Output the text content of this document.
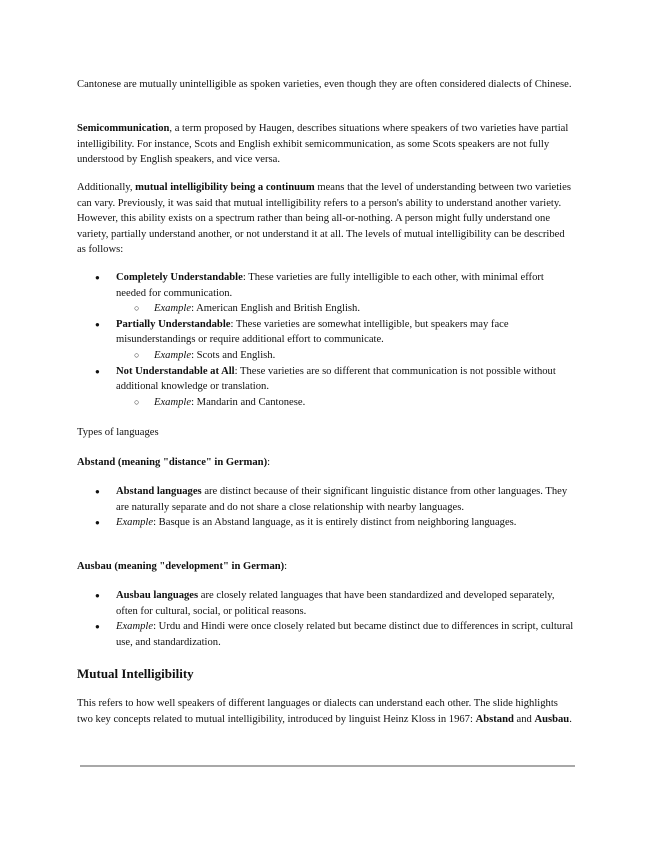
Cantonese are mutually unintelligible as spoken varieties, even though they are often considered dialects of Chinese.

Semicommunication, a term proposed by Haugen, describes situations where speakers of two varieties have partial intelligibility. For instance, Scots and English exhibit semicommunication, as some Scots speakers are not fully understood by English speakers, and vice versa.

Additionally, mutual intelligibility being a continuum means that the level of understanding between two varieties can vary. Previously, it was said that mutual intelligibility refers to a person's ability to understand another variety. However, this ability exists on a spectrum rather than being all-or-nothing. A person might fully understand one variety, partially understand another, or not understand it at all. The levels of mutual intelligibility can be described as follows:

● Completely Understandable: These varieties are fully intelligible to each other, with minimal effort needed for communication.
○ Example: American English and British English.
● Partially Understandable: These varieties are somewhat intelligible, but speakers may face misunderstandings or require additional effort to communicate.
○ Example: Scots and English.
● Not Understandable at All: These varieties are so different that communication is not possible without additional knowledge or translation.
○ Example: Mandarin and Cantonese.

Types of languages

Abstand (meaning "distance" in German):

● Abstand languages are distinct because of their significant linguistic distance from other languages. They are naturally separate and do not share a close relationship with nearby languages.
● Example: Basque is an Abstand language, as it is entirely distinct from neighboring languages.

Ausbau (meaning "development" in German):

● Ausbau languages are closely related languages that have been standardized and developed separately, often for cultural, social, or political reasons.
● Example: Urdu and Hindi were once closely related but became distinct due to differences in script, cultural use, and standardization.

Mutual Intelligibility

This refers to how well speakers of different languages or dialects can understand each other. The slide highlights two key concepts related to mutual intelligibility, introduced by linguist Heinz Kloss in 1967: Abstand and Ausbau.
